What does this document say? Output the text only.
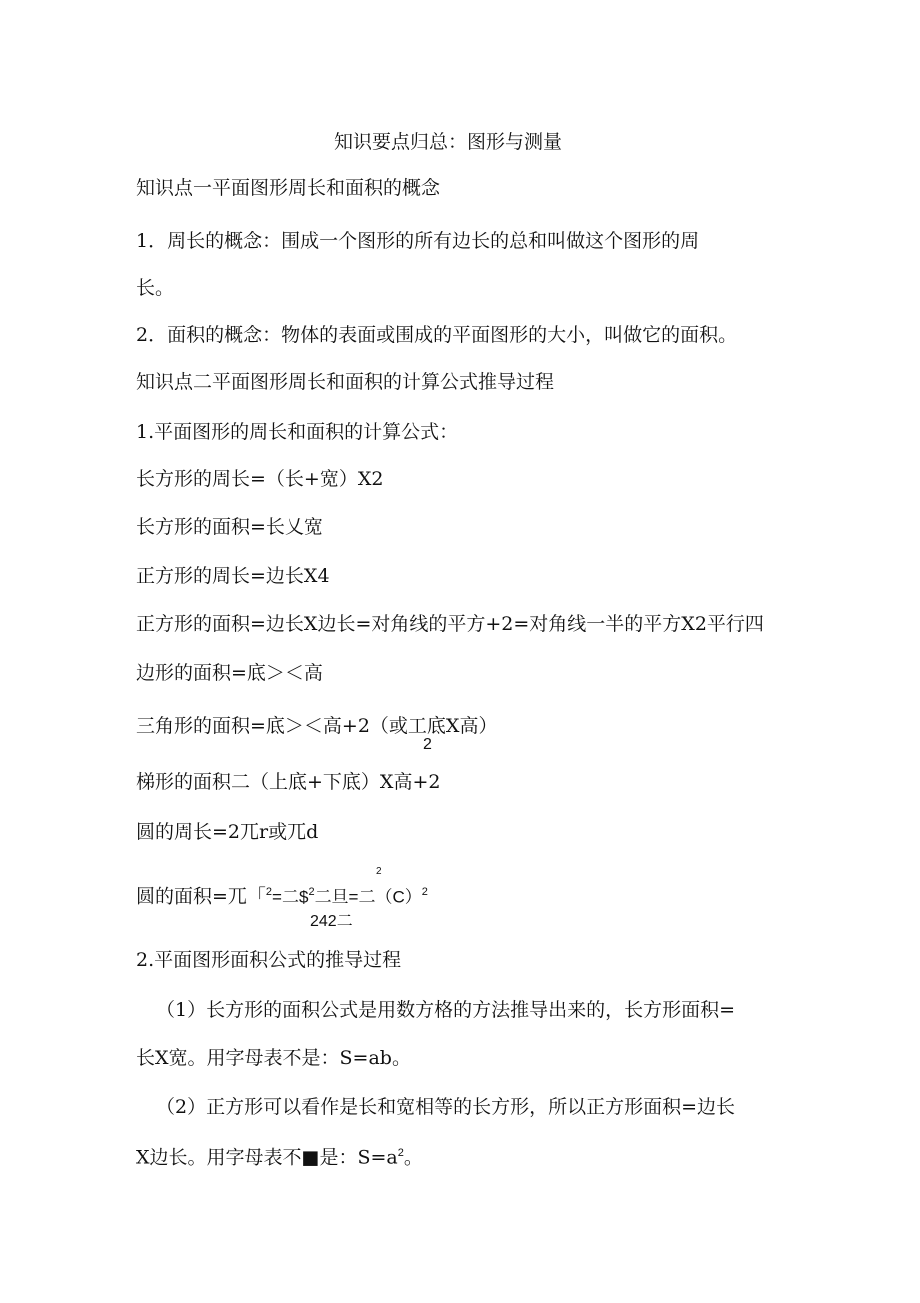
知识要点归总：图形与测量
知识点一平面图形周长和面积的概念
1．周长的概念：围成一个图形的所有边长的总和叫做这个图形的周
长。
2．面积的概念：物体的表面或围成的平面图形的大小，叫做它的面积。
知识点二平面图形周长和面积的计算公式推导过程
1.平面图形的周长和面积的计算公式：
长方形的周长=（长+宽）X2
长方形的面积=长乂宽
正方形的周长=边长X4
正方形的面积=边长X边长=对角线的平方+2=对角线一半的平方X2平行四
边形的面积=底＞＜高
三角形的面积=底＞＜高+2（或工底X高）
2
梯形的面积二（上底+下底）X高+2
圆的周长=2兀r或兀d
2
圆的面积=兀「$^2$=二\$$^2$二旦=二$(C)^2$
242二
2.平面图形面积公式的推导过程
（1）长方形的面积公式是用数方格的方法推导出来的，长方形面积=
长X宽。用字母表不是：S=ab。
（2）正方形可以看作是长和宽相等的长方形，所以正方形面积=边长
X边长。用字母表不■是：$S=a^2$。
